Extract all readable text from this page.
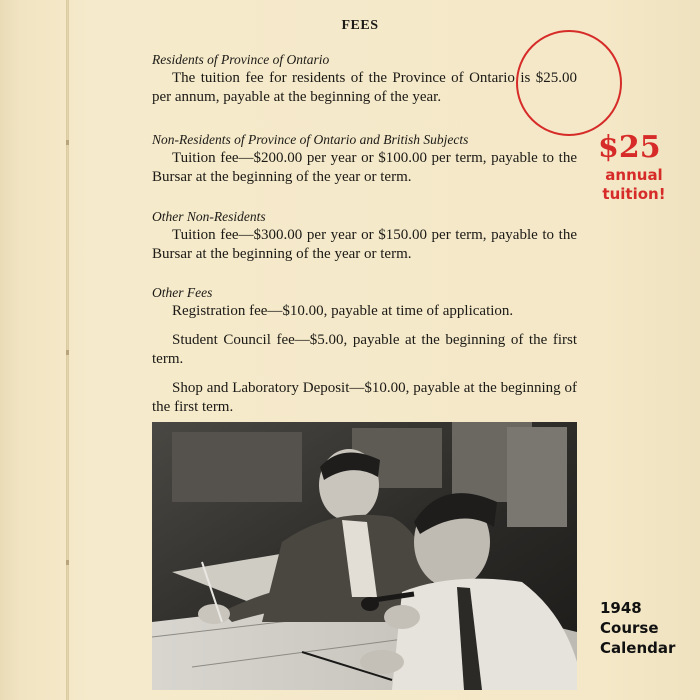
FEES

Residents of Province of Ontario

The tuition fee for residents of the Province of Ontario is $25.00 per annum, payable at the beginning of the year.

Non-Residents of Province of Ontario and British Subjects

Tuition fee—$200.00 per year or $100.00 per term, payable to the Bursar at the beginning of the year or term.

Other Non-Residents

Tuition fee—$300.00 per year or $150.00 per term, payable to the Bursar at the beginning of the year or term.

Other Fees

Registration fee—$10.00, payable at time of application.

Student Council fee—$5.00, payable at the beginning of the first term.

Shop and Laboratory Deposit—$10.00, payable at the beginning of the first term.

$25
annual
tuition!
1948
Course
Calendar
